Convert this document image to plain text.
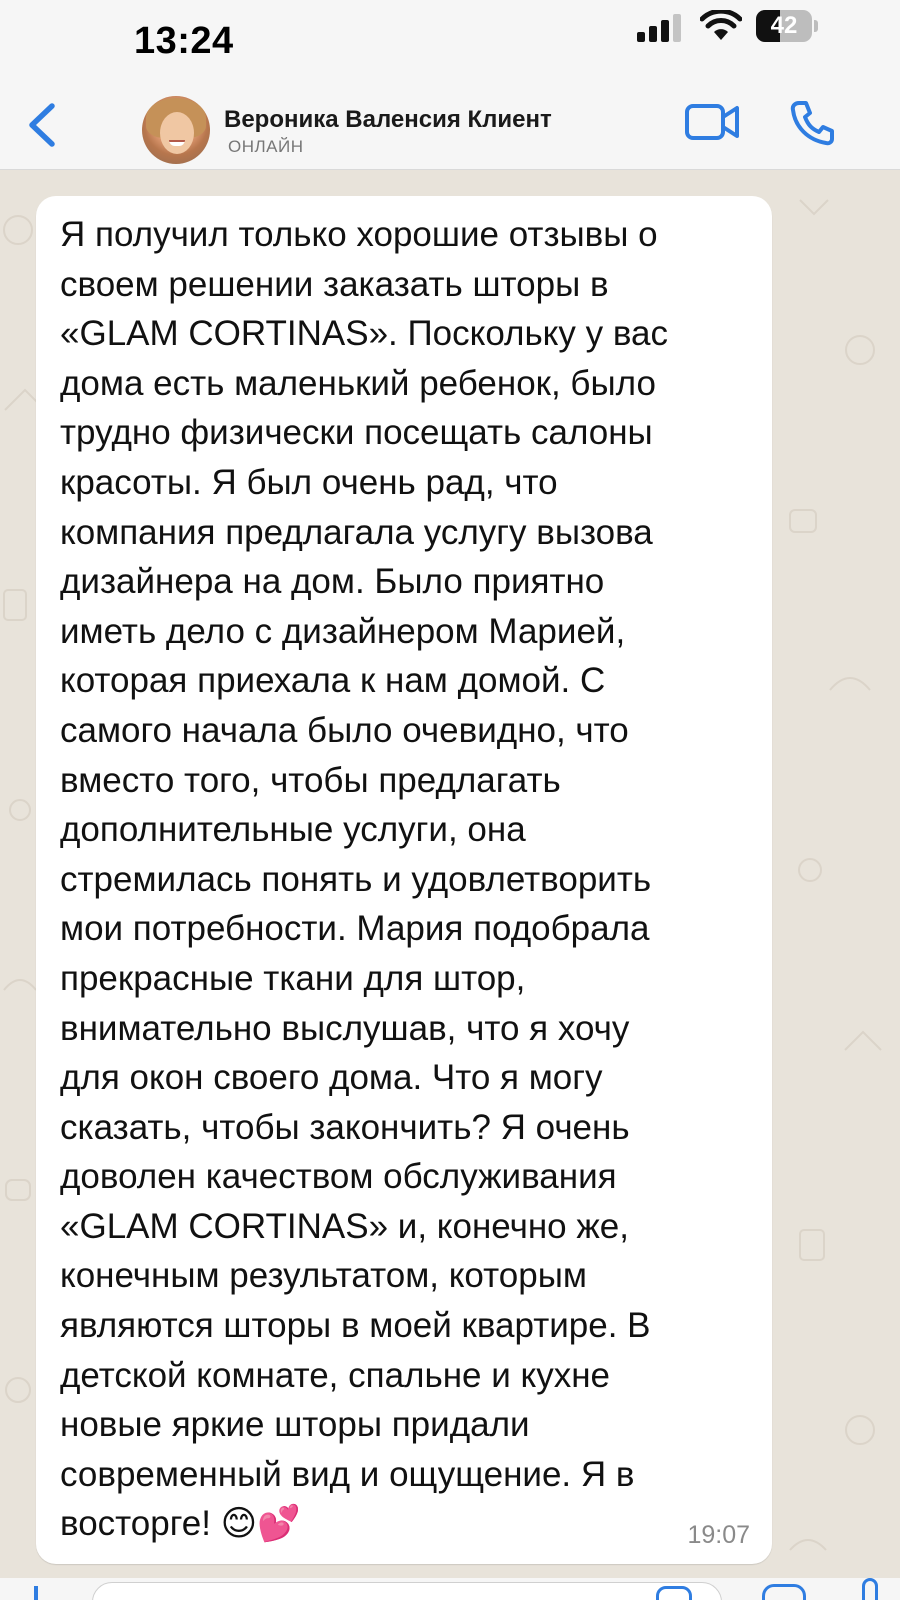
13:24	42
Вероника Валенсия Клиент
ОНЛАЙН
Я получил только хорошие отзывы о
своем решении заказать шторы в
«GLAM CORTINAS». Поскольку у вас
дома есть маленький ребенок, было
трудно физически посещать салоны
красоты. Я был очень рад, что
компания предлагала услугу вызова
дизайнера на дом. Было приятно
иметь дело с дизайнером Марией,
которая приехала к нам домой. С
самого начала было очевидно, что
вместо того, чтобы предлагать
дополнительные услуги, она
стремилась понять и удовлетворить
мои потребности. Мария подобрала
прекрасные ткани для штор,
внимательно выслушав, что я хочу
для окон своего дома. Что я могу
сказать, чтобы закончить? Я очень
доволен качеством обслуживания
«GLAM CORTINAS» и, конечно же,
конечным результатом, которым
являются шторы в моей квартире. В
детской комнате, спальне и кухне
новые яркие шторы придали
современный вид и ощущение. Я в
восторге! 😊💕	19:07
